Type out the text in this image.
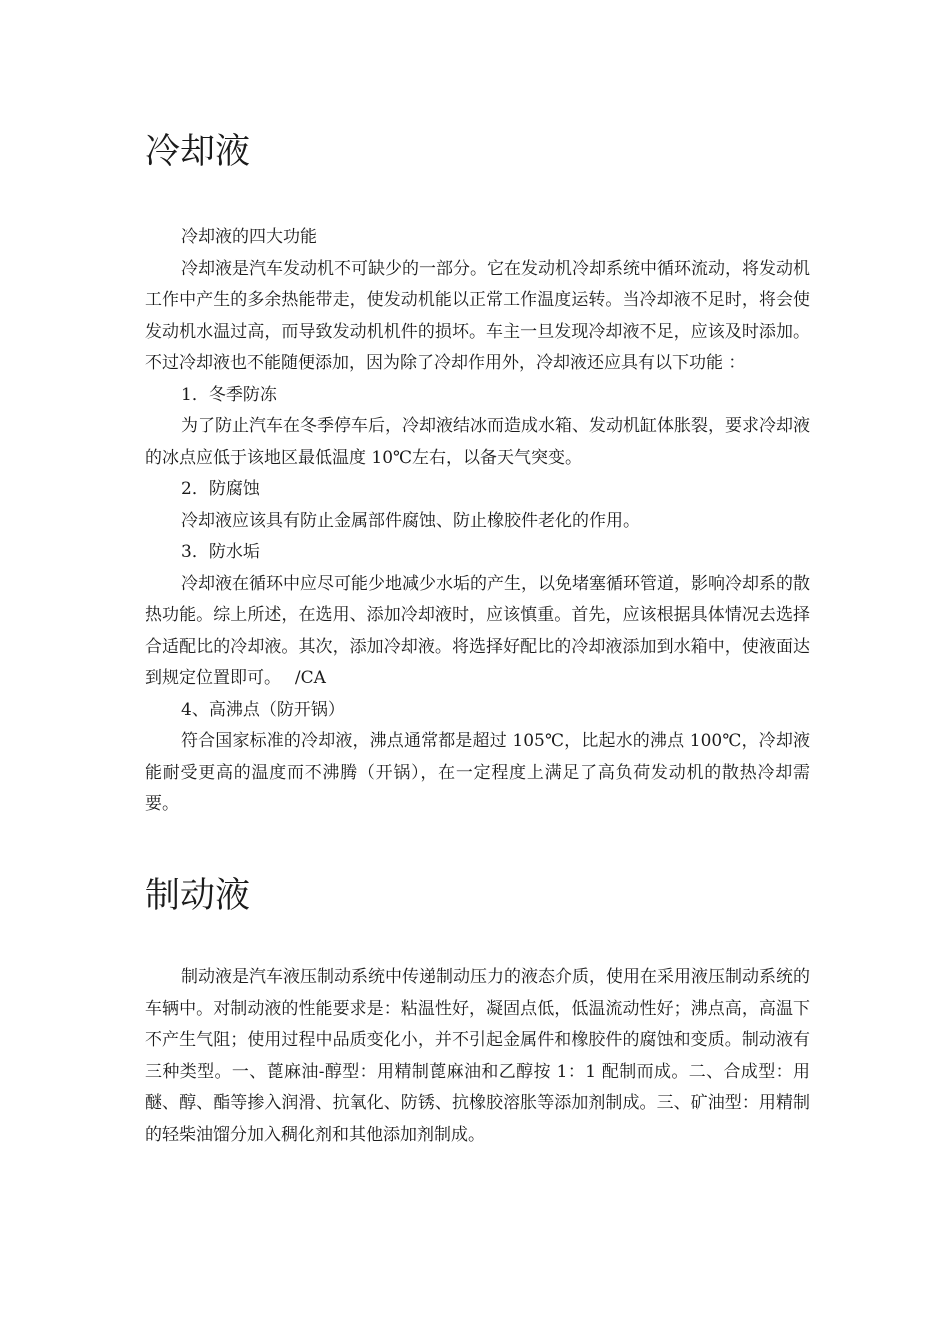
冷却液

冷却液的四大功能

冷却液是汽车发动机不可缺少的一部分。它在发动机冷却系统中循环流动，将发动机工作中产生的多余热能带走，使发动机能以正常工作温度运转。当冷却液不足时，将会使发动机水温过高，而导致发动机机件的损坏。车主一旦发现冷却液不足，应该及时添加。不过冷却液也不能随便添加，因为除了冷却作用外，冷却液还应具有以下功能 ：

1．冬季防冻

为了防止汽车在冬季停车后，冷却液结冰而造成水箱、发动机缸体胀裂，要求冷却液的冰点应低于该地区最低温度 10℃左右，以备天气突变。

2．防腐蚀

冷却液应该具有防止金属部件腐蚀、防止橡胶件老化的作用。

3．防水垢

冷却液在循环中应尽可能少地减少水垢的产生，以免堵塞循环管道，影响冷却系的散热功能。综上所述，在选用、添加冷却液时，应该慎重。首先，应该根据具体情况去选择合适配比的冷却液。其次，添加冷却液。将选择好配比的冷却液添加到水箱中，使液面达到规定位置即可。　 /CA

4、高沸点（防开锅）

符合国家标准的冷却液，沸点通常都是超过 105℃，比起水的沸点 100℃，冷却液能耐受更高的温度而不沸腾（开锅），在一定程度上满足了高负荷发动机的散热冷却需要。

制动液

制动液是汽车液压制动系统中传递制动压力的液态介质，使用在采用液压制动系统的车辆中。对制动液的性能要求是：粘温性好，凝固点低，低温流动性好；沸点高，高温下不产生气阻；使用过程中品质变化小，并不引起金属件和橡胶件的腐蚀和变质。制动液有三种类型。一、蓖麻油-醇型：用精制蓖麻油和乙醇按 1：1 配制而成。二、合成型：用醚、醇、酯等掺入润滑、抗氧化、防锈、抗橡胶溶胀等添加剂制成。三、矿油型：用精制的轻柴油馏分加入稠化剂和其他添加剂制成。
